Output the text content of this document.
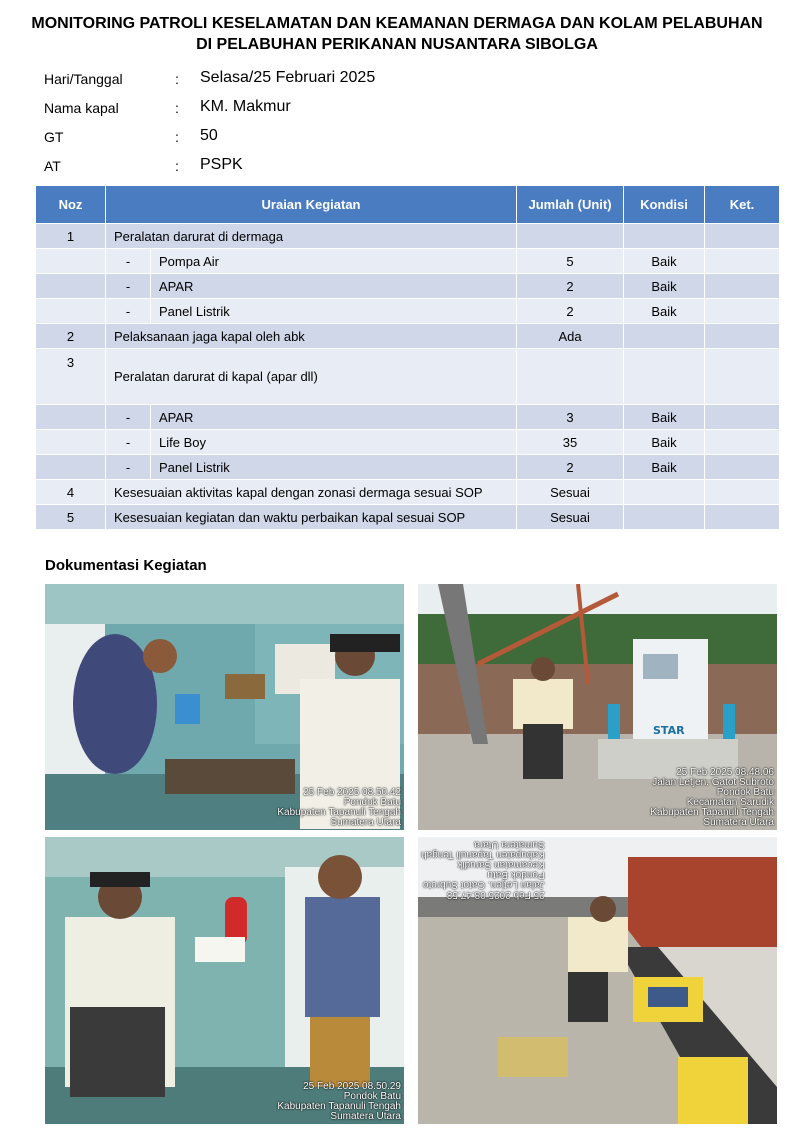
MONITORING PATROLI KESELAMATAN DAN KEAMANAN DERMAGA DAN KOLAM PELABUHAN
DI PELABUHAN PERIKANAN NUSANTARA SIBOLGA
Hari/Tanggal	: Selasa/25 Februari 2025
Nama kapal	: KM. Makmur
GT	: 50
AT	: PSPK
Noz	Uraian Kegiatan		Jumlah (Unit)	Kondisi	Ket.
1	Peralatan darurat di dermaga				
	-	Pompa Air	5	Baik	
	-	APAR	2	Baik	
	-	Panel Listrik	2	Baik	
2	Pelaksanaan jaga kapal oleh abk		Ada		
3	Peralatan darurat di kapal (apar dll)				
	-	APAR	3	Baik	
	-	Life Boy	35	Baik	
	-	Panel Listrik	2	Baik	
4	Kesesuaian aktivitas kapal dengan zonasi dermaga sesuai SOP		Sesuai		
5	Kesesuaian kegiatan dan waktu perbaikan kapal sesuai SOP		Sesuai		
Dokumentasi Kegiatan
25 Feb 2025 08.50.42
Pondok Batu
Kabupaten Tapanuli Tengah
Sumatera Utara
STAR
25 Feb 2025 08.48.06
Jalan Letjen. Gatot Subroto
Pondok Batu
Kecamatan Sarudik
Kabupaten Tapanuli Tengah
Sumatera Utara
25 Feb 2025 08.50.29
Pondok Batu
Kabupaten Tapanuli Tengah
Sumatera Utara
25 Feb 2025 08.47.53
Jalan Letjen. Gatot Subroto
Pondok Batu
Kecamatan Sarudik
Kabupaten Tapanuli Tengah
Sumatera Utara
